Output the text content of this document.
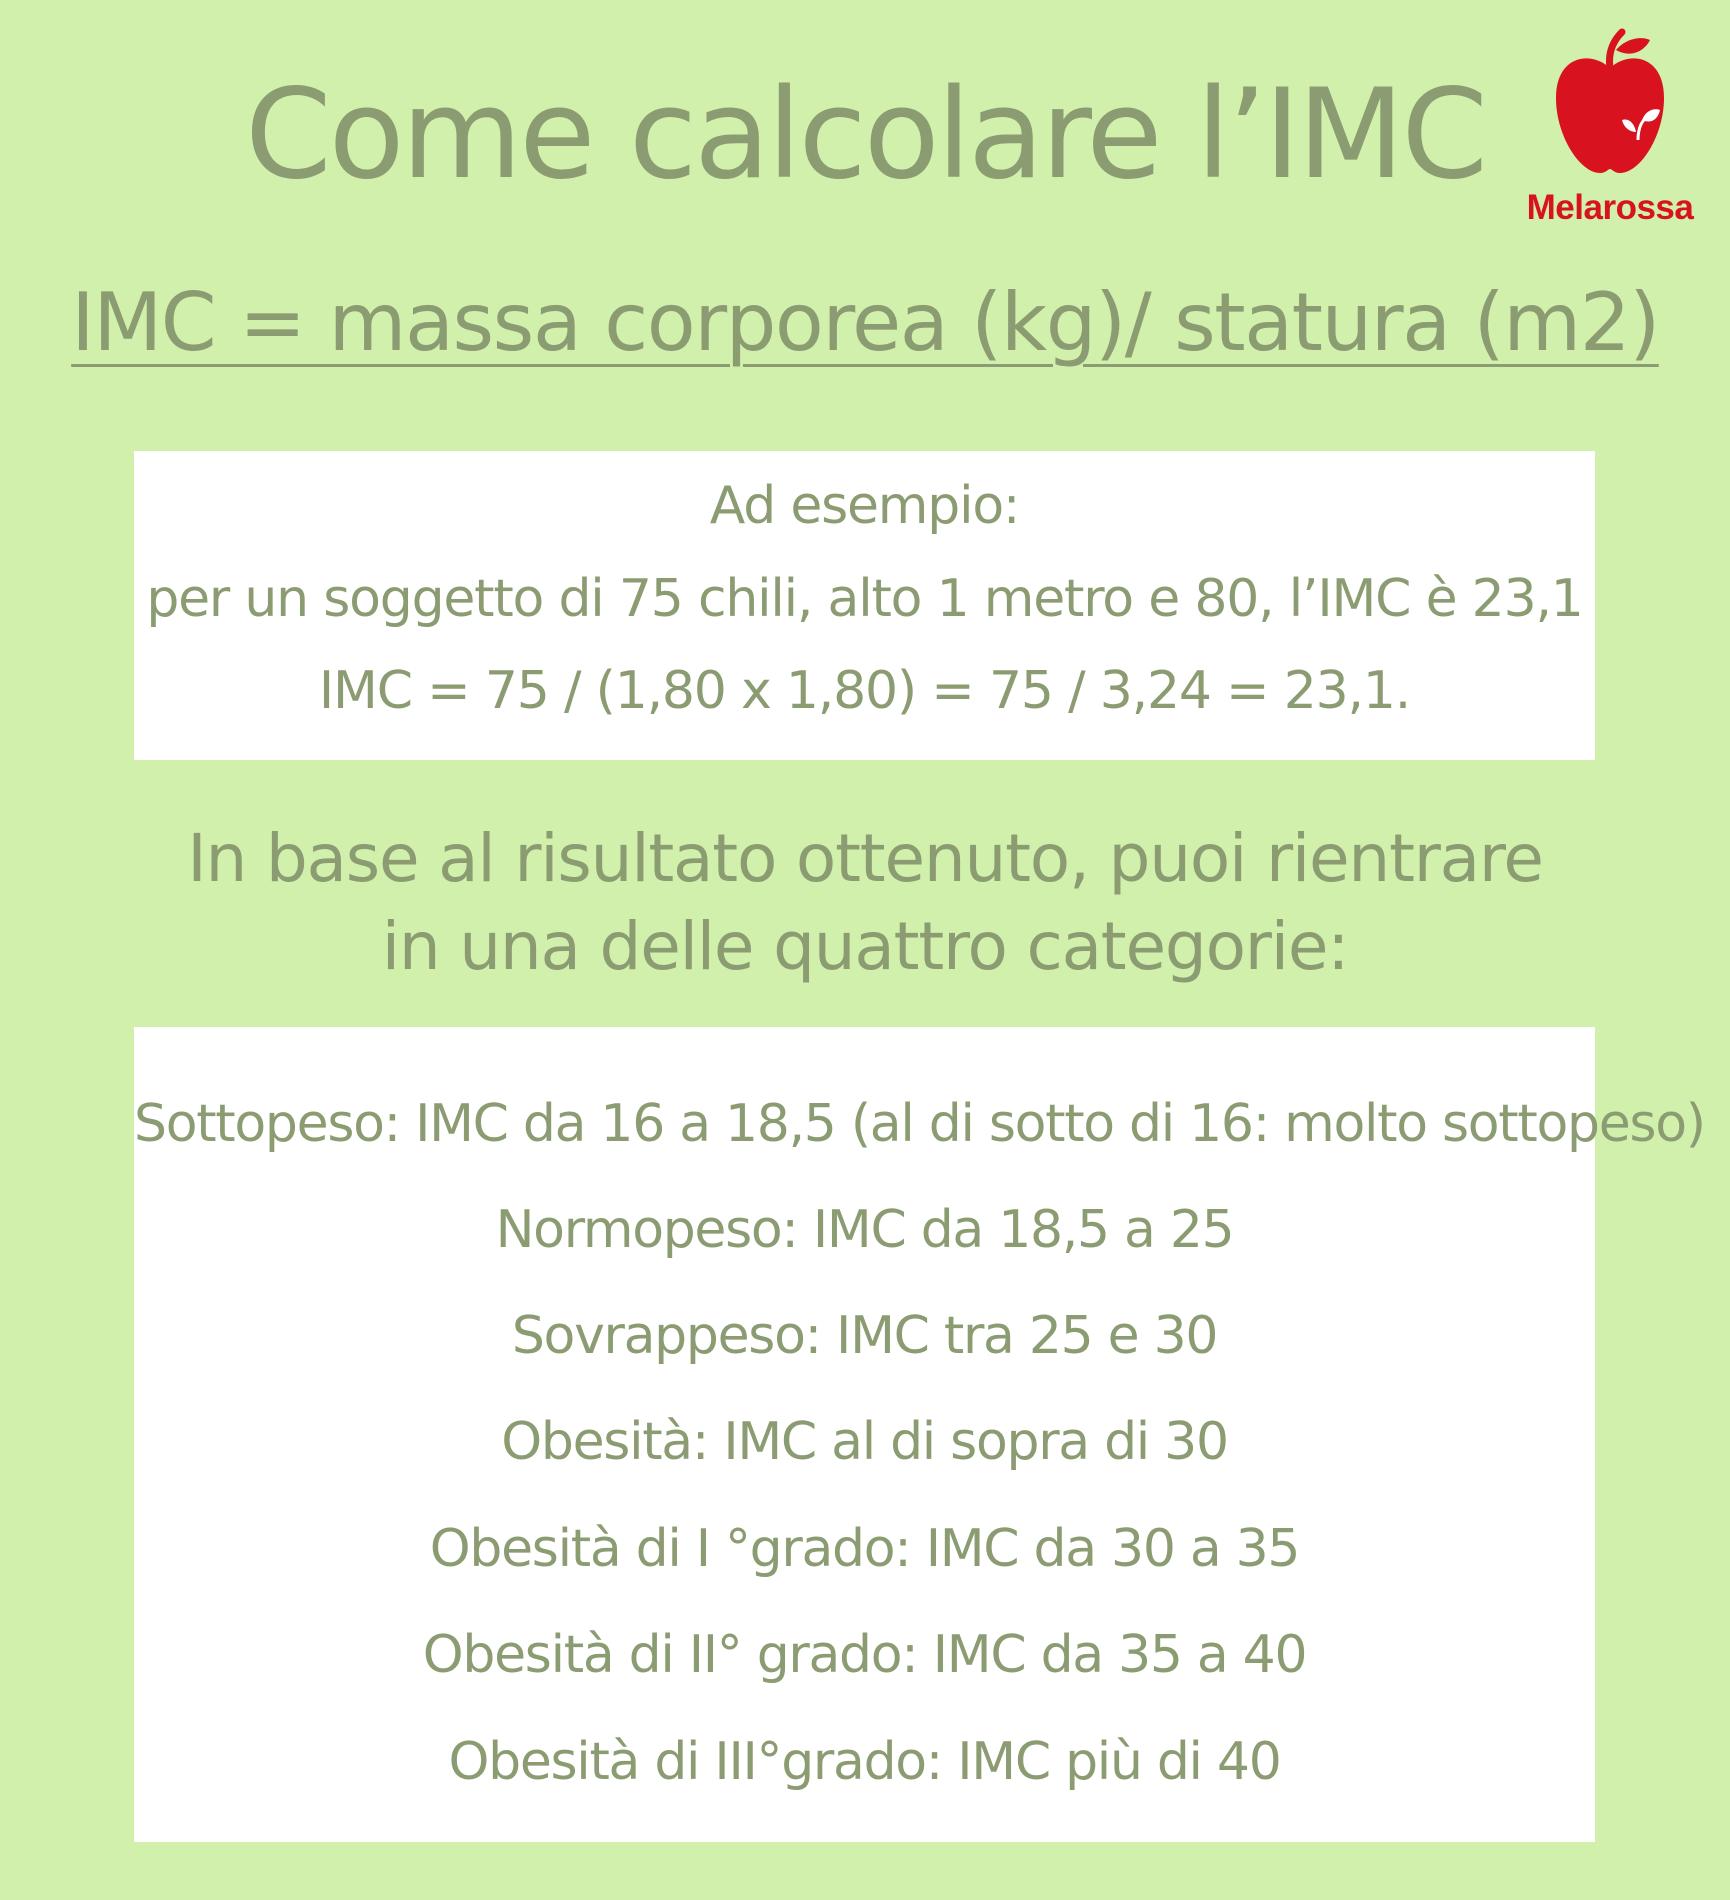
Come calcolare l’IMC
Melarossa
IMC = massa corporea (kg)/ statura (m2)
Ad esempio:
per un soggetto di 75 chili, alto 1 metro e 80, l’IMC è 23,1
IMC = 75 / (1,80 x 1,80) = 75 / 3,24 = 23,1.
In base al risultato ottenuto, puoi rientrare
in una delle quattro categorie:
Sottopeso: IMC da 16 a 18,5 (al di sotto di 16: molto sottopeso)
Normopeso: IMC da 18,5 a 25
Sovrappeso: IMC tra 25 e 30
Obesità: IMC al di sopra di 30
Obesità di I °grado: IMC da 30 a 35
Obesità di II° grado: IMC da 35 a 40
Obesità di III°grado: IMC più di 40
